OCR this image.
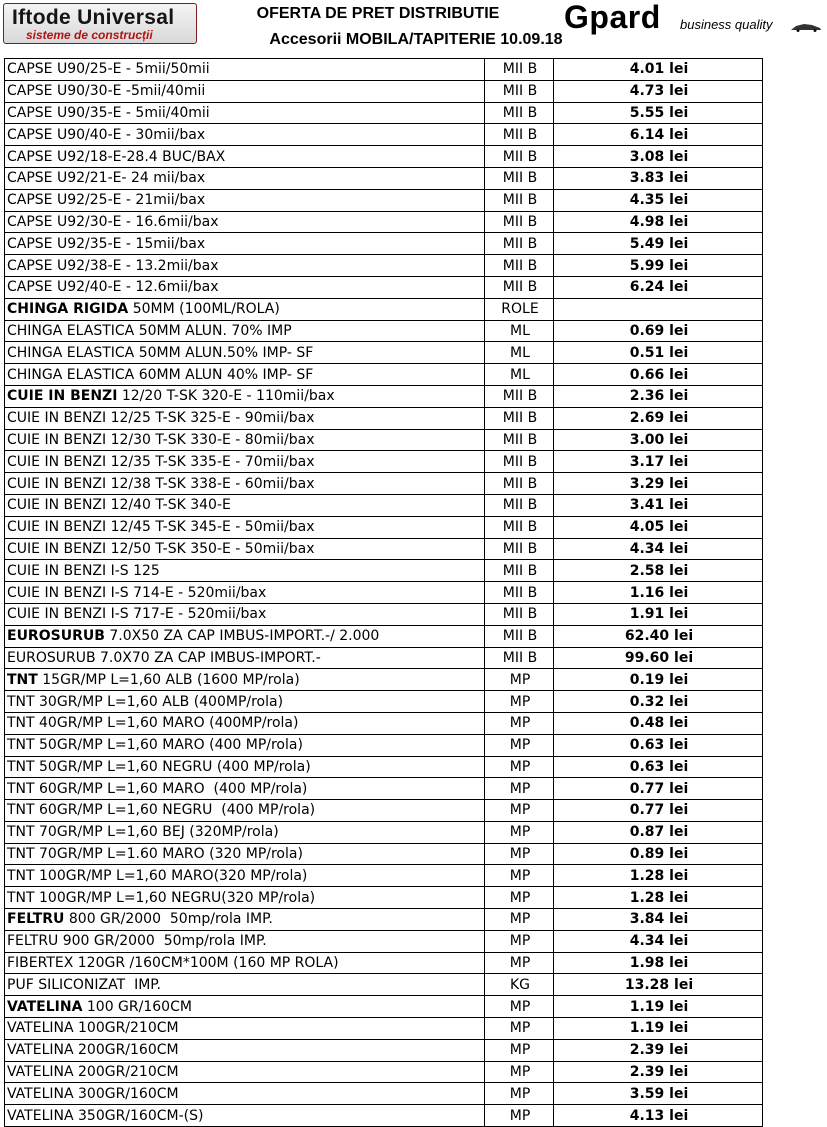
Iftode Universal
sisteme de construcții
OFERTA DE PRET DISTRIBUTIE
Accesorii MOBILA/TAPITERIE 10.09.18
Gpard business quality
CAPSE U90/25-E - 5mii/50mii	MII B	4.01 lei
CAPSE U90/30-E -5mii/40mii	MII B	4.73 lei
CAPSE U90/35-E - 5mii/40mii	MII B	5.55 lei
CAPSE U90/40-E - 30mii/bax	MII B	6.14 lei
CAPSE U92/18-E-28.4 BUC/BAX	MII B	3.08 lei
CAPSE U92/21-E- 24 mii/bax	MII B	3.83 lei
CAPSE U92/25-E - 21mii/bax	MII B	4.35 lei
CAPSE U92/30-E - 16.6mii/bax	MII B	4.98 lei
CAPSE U92/35-E - 15mii/bax	MII B	5.49 lei
CAPSE U92/38-E - 13.2mii/bax	MII B	5.99 lei
CAPSE U92/40-E - 12.6mii/bax	MII B	6.24 lei
CHINGA RIGIDA 50MM (100ML/ROLA)	ROLE	
CHINGA ELASTICA 50MM ALUN. 70% IMP	ML	0.69 lei
CHINGA ELASTICA 50MM ALUN.50% IMP- SF	ML	0.51 lei
CHINGA ELASTICA 60MM ALUN 40% IMP- SF	ML	0.66 lei
CUIE IN BENZI 12/20 T-SK 320-E - 110mii/bax	MII B	2.36 lei
CUIE IN BENZI 12/25 T-SK 325-E - 90mii/bax	MII B	2.69 lei
CUIE IN BENZI 12/30 T-SK 330-E - 80mii/bax	MII B	3.00 lei
CUIE IN BENZI 12/35 T-SK 335-E - 70mii/bax	MII B	3.17 lei
CUIE IN BENZI 12/38 T-SK 338-E - 60mii/bax	MII B	3.29 lei
CUIE IN BENZI 12/40 T-SK 340-E	MII B	3.41 lei
CUIE IN BENZI 12/45 T-SK 345-E - 50mii/bax	MII B	4.05 lei
CUIE IN BENZI 12/50 T-SK 350-E - 50mii/bax	MII B	4.34 lei
CUIE IN BENZI I-S 125	MII B	2.58 lei
CUIE IN BENZI I-S 714-E - 520mii/bax	MII B	1.16 lei
CUIE IN BENZI I-S 717-E - 520mii/bax	MII B	1.91 lei
EUROSURUB 7.0X50 ZA CAP IMBUS-IMPORT.-/ 2.000	MII B	62.40 lei
EUROSURUB 7.0X70 ZA CAP IMBUS-IMPORT.-	MII B	99.60 lei
TNT 15GR/MP L=1,60 ALB (1600 MP/rola)	MP	0.19 lei
TNT 30GR/MP L=1,60 ALB (400MP/rola)	MP	0.32 lei
TNT 40GR/MP L=1,60 MARO (400MP/rola)	MP	0.48 lei
TNT 50GR/MP L=1,60 MARO (400 MP/rola)	MP	0.63 lei
TNT 50GR/MP L=1,60 NEGRU (400 MP/rola)	MP	0.63 lei
TNT 60GR/MP L=1,60 MARO  (400 MP/rola)	MP	0.77 lei
TNT 60GR/MP L=1,60 NEGRU  (400 MP/rola)	MP	0.77 lei
TNT 70GR/MP L=1,60 BEJ (320MP/rola)	MP	0.87 lei
TNT 70GR/MP L=1.60 MARO (320 MP/rola)	MP	0.89 lei
TNT 100GR/MP L=1,60 MARO(320 MP/rola)	MP	1.28 lei
TNT 100GR/MP L=1,60 NEGRU(320 MP/rola)	MP	1.28 lei
FELTRU 800 GR/2000  50mp/rola IMP.	MP	3.84 lei
FELTRU 900 GR/2000  50mp/rola IMP.	MP	4.34 lei
FIBERTEX 120GR /160CM*100M (160 MP ROLA)	MP	1.98 lei
PUF SILICONIZAT  IMP.	KG	13.28 lei
VATELINA 100 GR/160CM	MP	1.19 lei
VATELINA 100GR/210CM	MP	1.19 lei
VATELINA 200GR/160CM	MP	2.39 lei
VATELINA 200GR/210CM	MP	2.39 lei
VATELINA 300GR/160CM	MP	3.59 lei
VATELINA 350GR/160CM-(S)	MP	4.13 lei
